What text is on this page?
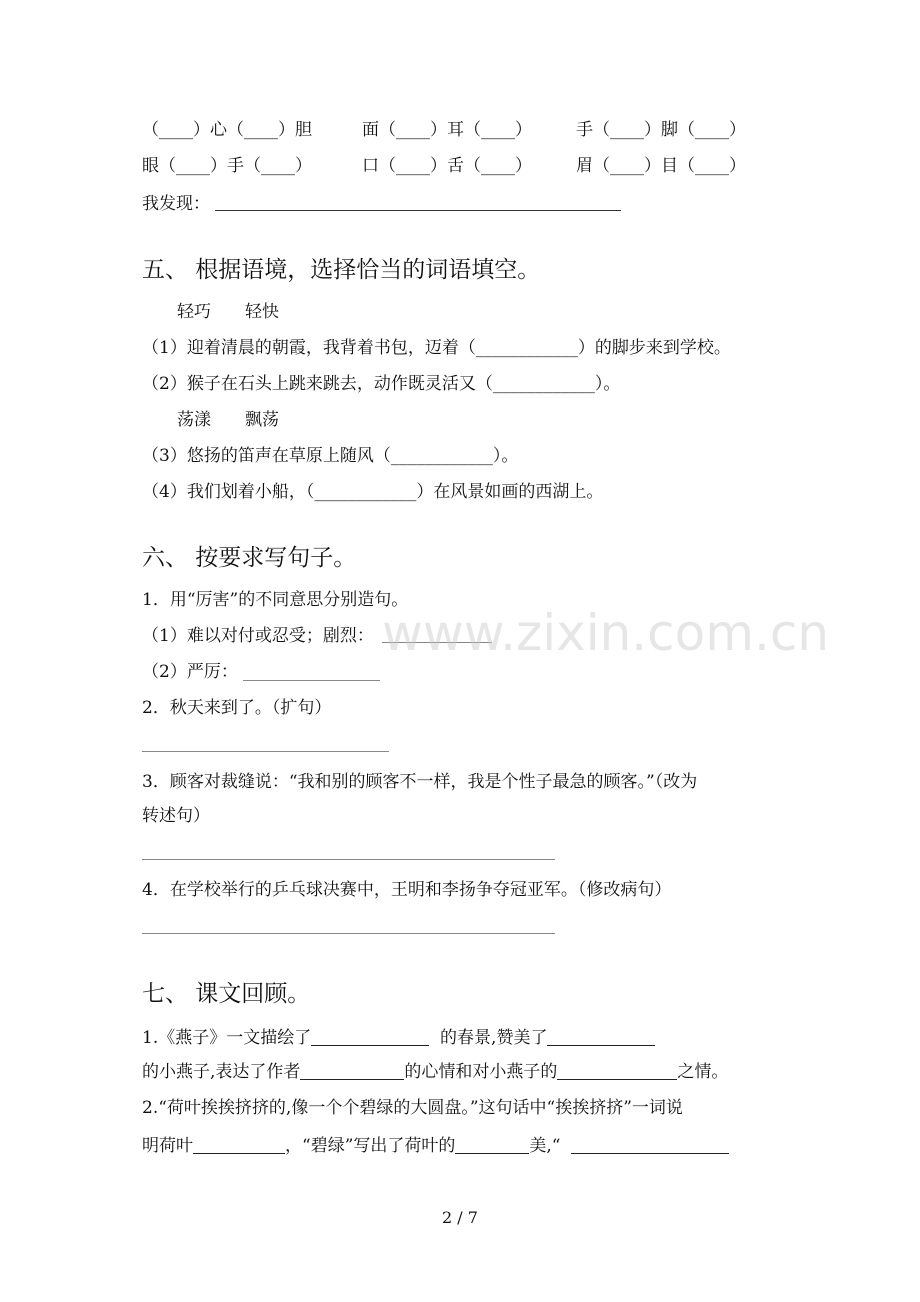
（____）心（____）胆	面（____）耳（____）	手（____）脚（____）
眼（____）手（____）	口（____）舌（____）	眉（____）目（____）
我发现：
五、 根据语境，选择恰当的词语填空。
轻巧　　轻快
（1）迎着清晨的朝霞，我背着书包，迈着（____________）的脚步来到学校。
（2）猴子在石头上跳来跳去，动作既灵活又（____________）。
荡漾　　飘荡
（3）悠扬的笛声在草原上随风（____________）。
（4）我们划着小船，（____________）在风景如画的西湖上。
六、 按要求写句子。
1．用“厉害”的不同意思分别造句。
（1）难以对付或忍受；剧烈：
（2）严厉：
2．秋天来到了。（扩句）
3．顾客对裁缝说：“我和别的顾客不一样，我是个性子最急的顾客。”（改为
转述句）
4．在学校举行的乒乓球决赛中，王明和李扬争夺冠亚军。（修改病句）
七、 课文回顾。
1.《燕子》一文描绘了	的春景,赞美了
的小燕子,表达了作者	的心情和对小燕子的	之情。
2.“荷叶挨挨挤挤的,像一个个碧绿的大圆盘。”这句话中“挨挨挤挤”一词说
明荷叶	，“碧绿”写出了荷叶的	美,“
www.zixin.com.cn
2 / 7
